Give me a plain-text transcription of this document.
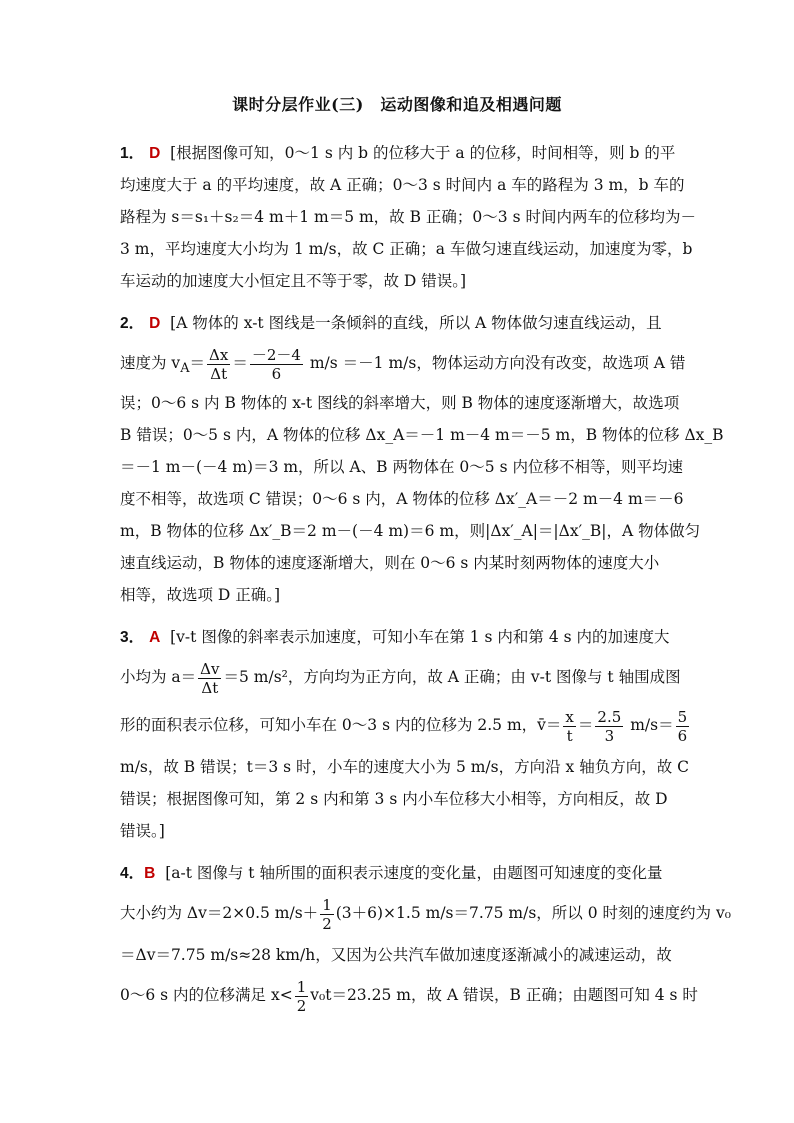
课时分层作业(三)　运动图像和追及相遇问题
1． D [根据图像可知，0～1 s 内 b 的位移大于 a 的位移，时间相等，则 b 的平
均速度大于 a 的平均速度，故 A 正确；0～3 s 时间内 a 车的路程为 3 m，b 车的
路程为 s＝s₁＋s₂＝4 m＋1 m＝5 m，故 B 正确；0～3 s 时间内两车的位移均为－
3 m，平均速度大小均为 1 m/s，故 C 正确；a 车做匀速直线运动，加速度为零，b
车运动的加速度大小恒定且不等于零，故 D 错误。]
2． D [A 物体的 x-t 图线是一条倾斜的直线，所以 A 物体做匀速直线运动，且
速度为 $v_A= \frac{\Delta x}{\Delta t} = \frac{-2-4}{6} m/s =-1$ m/s，物体运动方向没有改变，故选项 A 错
误；0～6 s 内 B 物体的 x-t 图线的斜率增大，则 B 物体的速度逐渐增大，故选项
B 错误；0～5 s 内，A 物体的位移 Δx_A＝－1 m－4 m＝－5 m，B 物体的位移 Δx_B
＝－1 m－(－4 m)＝3 m，所以 A、B 两物体在 0～5 s 内位移不相等，则平均速
度不相等，故选项 C 错误；0～6 s 内，A 物体的位移 Δx′_A＝－2 m－4 m＝－6
m，B 物体的位移 Δx′_B＝2 m－(－4 m)＝6 m，则|Δx′_A|＝|Δx′_B|，A 物体做匀
速直线运动，B 物体的速度逐渐增大，则在 0～6 s 内某时刻两物体的速度大小
相等，故选项 D 正确。]
3． A [v-t 图像的斜率表示加速度，可知小车在第 1 s 内和第 4 s 内的加速度大
小均为 $a= \frac{\Delta v}{\Delta t} =5$ m/s²，方向均为正方向，故 A 正确；由 v-t 图像与 t 轴围成图
形的面积表示位移，可知小车在 0～3 s 内的位移为 2.5 m，v̄＝ $\frac{x}{t} = \frac{2.5}{3} m/s= \frac{5}{6}$
m/s，故 B 错误；t＝3 s 时，小车的速度大小为 5 m/s，方向沿 x 轴负方向，故 C
错误；根据图像可知，第 2 s 内和第 3 s 内小车位移大小相等，方向相反，故 D
错误。]
4．B [a-t 图像与 t 轴所围的面积表示速度的变化量，由题图可知速度的变化量
大小约为 Δv＝2×0.5 $m/s+ \frac{1}{2} (3+6)\times 1.5$ m/s＝7.75 m/s，所以 0 时刻的速度约为 v₀
＝Δv＝7.75 m/s≈28 km/h，又因为公共汽车做加速度逐渐减小的减速运动，故
0～6 s 内的位移满足 $x< \frac{1}{2} v_0t=23.25$ m，故 A 错误，B 正确；由题图可知 4 s 时
